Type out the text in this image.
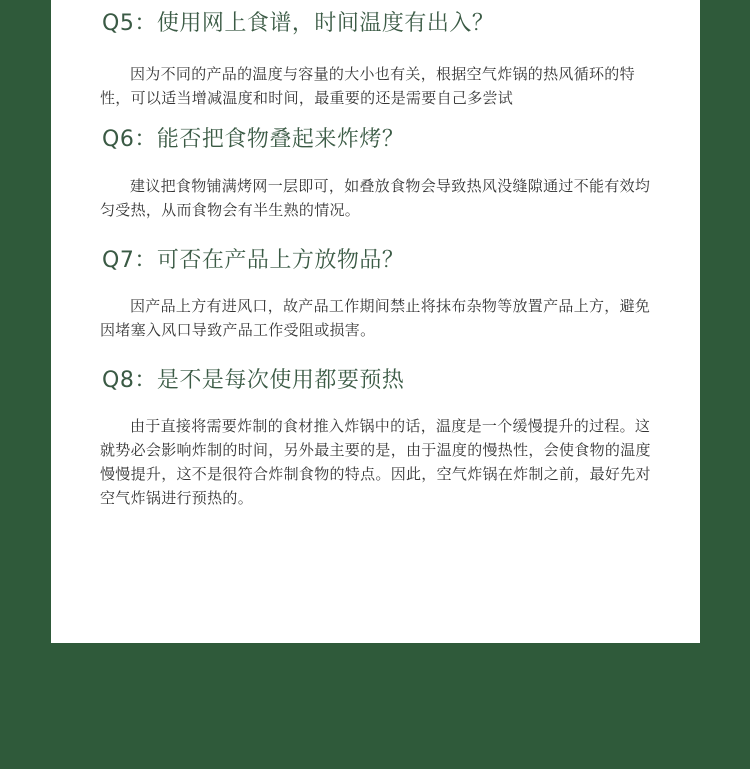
Q5：使用网上食谱，时间温度有出入？

因为不同的产品的温度与容量的大小也有关，根据空气炸锅的热风循环的特性，可以适当增减温度和时间，最重要的还是需要自己多尝试

Q6：能否把食物叠起来炸烤？

建议把食物铺满烤网一层即可，如叠放食物会导致热风没缝隙通过不能有效均匀受热，从而食物会有半生熟的情况。

Q7：可否在产品上方放物品？

因产品上方有进风口，故产品工作期间禁止将抹布杂物等放置产品上方，避免因堵塞入风口导致产品工作受阻或损害。

Q8：是不是每次使用都要预热

由于直接将需要炸制的食材推入炸锅中的话，温度是一个缓慢提升的过程。这就势必会影响炸制的时间，另外最主要的是，由于温度的慢热性，会使食物的温度慢慢提升，这不是很符合炸制食物的特点。因此，空气炸锅在炸制之前，最好先对空气炸锅进行预热的。
